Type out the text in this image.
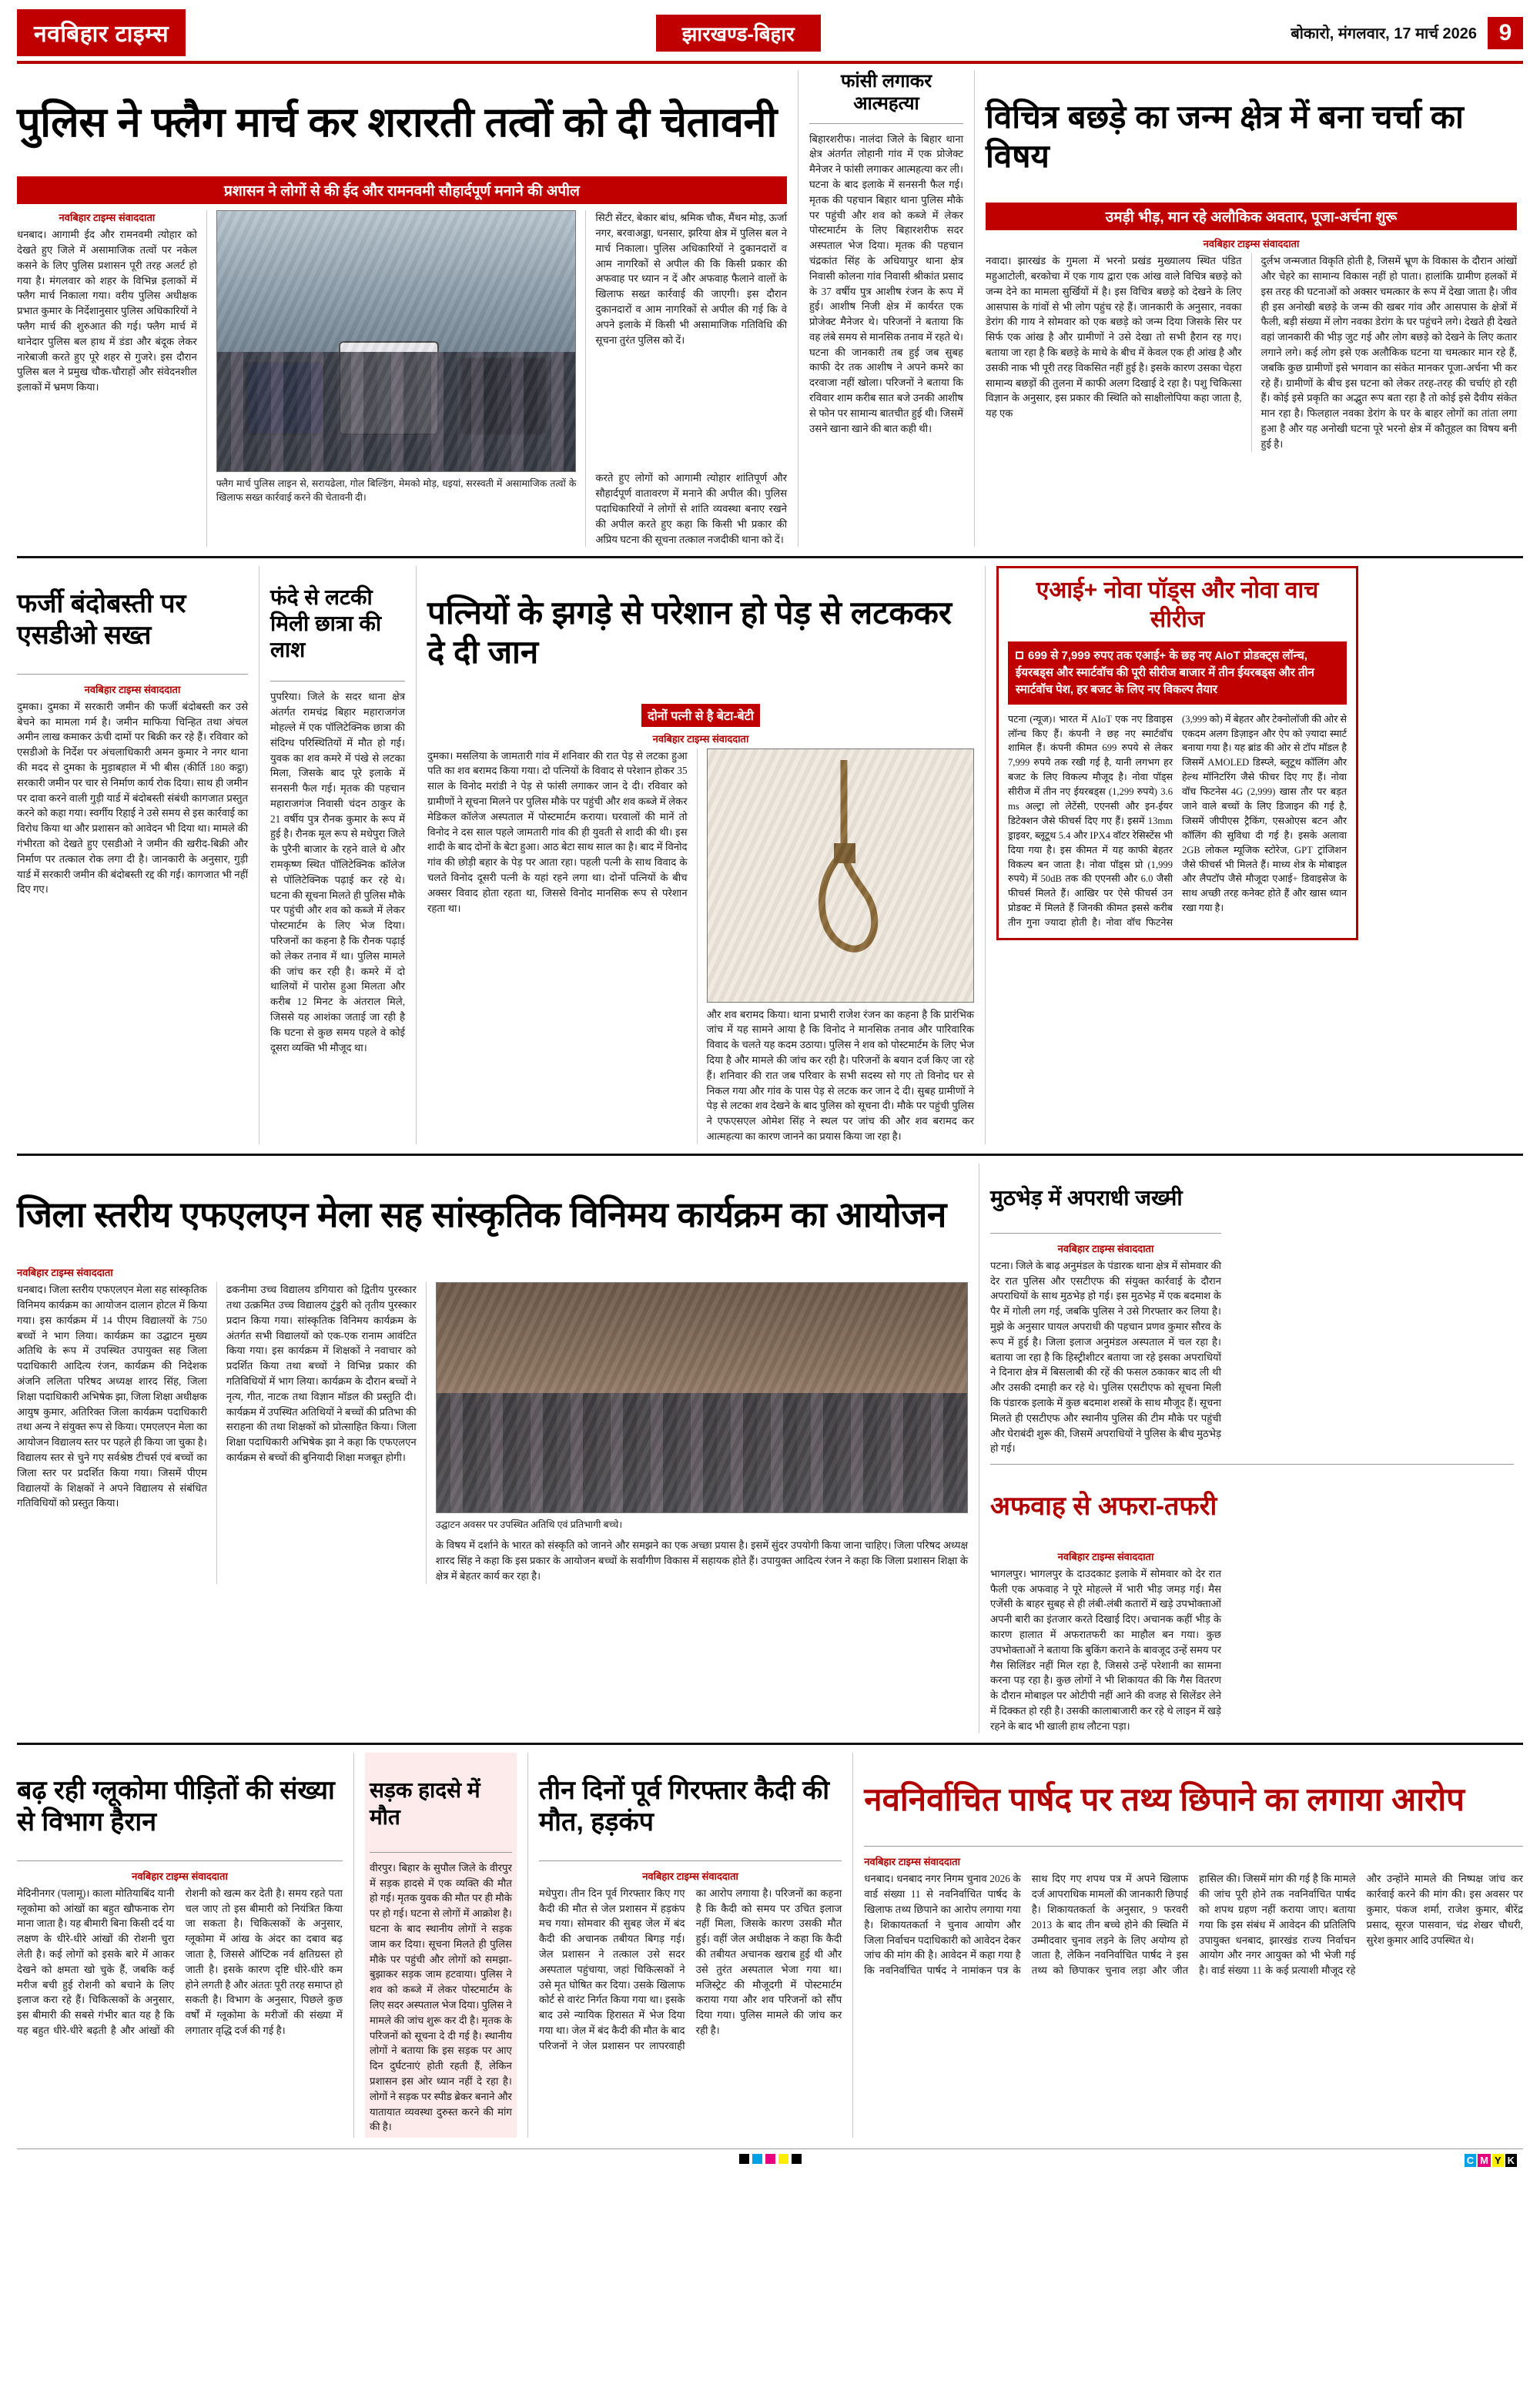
नवबिहार टाइम्स	झारखण्ड-बिहार	बोकारो, मंगलवार, 17 मार्च 2026 9
पुलिस ने फ्लैग मार्च कर शरारती तत्वों को दी चेतावनी
प्रशासन ने लोगों से की ईद और रामनवमी सौहार्दपूर्ण मनाने की अपील
नवबिहार टाइम्स संवाददाता
धनबाद। आगामी ईद और रामनवमी त्योहार को देखते हुए जिले में असामाजिक तत्वों पर नकेल कसने के लिए पुलिस प्रशासन पूरी तरह अलर्ट हो गया है। मंगलवार को शहर के विभिन्न इलाकों में फ्लैग मार्च निकाला गया। वरीय पुलिस अधीक्षक प्रभात कुमार के निर्देशानुसार पुलिस अधिकारियों ने फ्लैग मार्च की शुरुआत की गई। फ्लैग मार्च में थानेदार पुलिस बल हाथ में डंडा और बंदूक लेकर नारेबाजी करते हुए पूरे शहर से गुजरे। इस दौरान पुलिस बल ने प्रमुख चौक-चौराहों और संवेदनशील इलाकों में भ्रमण किया।
फ्लैग मार्च पुलिस लाइन से, सरायढेला, गोल बिल्डिंग, मेमको मोड़, धइयां, सरस्वती में असामाजिक तत्वों के खिलाफ सख्त कार्रवाई करने की चेतावनी दी।
सिटी सेंटर, बेकार बांध, श्रमिक चौक, मैंथन मोड़, ऊर्जा नगर, बरवाअड्डा, धनसार, झरिया क्षेत्र में पुलिस बल ने मार्च निकाला। पुलिस अधिकारियों ने दुकानदारों व आम नागरिकों से अपील की कि किसी प्रकार की अफवाह पर ध्यान न दें और अफवाह फैलाने वालों के खिलाफ सख्त कार्रवाई की जाएगी। इस दौरान दुकानदारों व आम नागरिकों से अपील की गई कि वे अपने इलाके में किसी भी असामाजिक गतिविधि की सूचना तुरंत पुलिस को दें।
करते हुए लोगों को आगामी त्योहार शांतिपूर्ण और सौहार्दपूर्ण वातावरण में मनाने की अपील की। पुलिस पदाधिकारियों ने लोगों से शांति व्यवस्था बनाए रखने की अपील करते हुए कहा कि किसी भी प्रकार की अप्रिय घटना की सूचना तत्काल नजदीकी थाना को दें।
फांसी लगाकर आत्महत्या
बिहारशरीफ। नालंदा जिले के बिहार थाना क्षेत्र अंतर्गत लोहानी गांव में एक प्रोजेक्ट मैनेजर ने फांसी लगाकर आत्महत्या कर ली। घटना के बाद इलाके में सनसनी फैल गई। मृतक की पहचान बिहार थाना पुलिस मौके पर पहुंची और शव को कब्जे में लेकर पोस्टमार्टम के लिए बिहारशरीफ सदर अस्पताल भेज दिया। मृतक की पहचान चंद्रकांत सिंह के अधियापुर थाना क्षेत्र निवासी कोलना गांव निवासी श्रीकांत प्रसाद के 37 वर्षीय पुत्र आशीष रंजन के रूप में हुई। आशीष निजी क्षेत्र में कार्यरत एक प्रोजेक्ट मैनेजर थे। परिजनों ने बताया कि वह लंबे समय से मानसिक तनाव में रहते थे। घटना की जानकारी तब हुई जब सुबह काफी देर तक आशीष ने अपने कमरे का दरवाजा नहीं खोला। परिजनों ने बताया कि रविवार शाम करीब सात बजे उनकी आशीष से फोन पर सामान्य बातचीत हुई थी। जिसमें उसने खाना खाने की बात कही थी।
विचित्र बछड़े का जन्म क्षेत्र में बना चर्चा का विषय
उमड़ी भीड़, मान रहे अलौकिक अवतार, पूजा-अर्चना शुरू
नवबिहार टाइम्स संवाददाता
नवादा। झारखंड के गुमला में भरनो प्रखंड मुख्यालय स्थित पंडित महुआटोली, बरकोचा में एक गाय द्वारा एक आंख वाले विचित्र बछड़े को जन्म देने का मामला सुर्खियों में है। इस विचित्र बछड़े को देखने के लिए आसपास के गांवों से भी लोग पहुंच रहे हैं। जानकारी के अनुसार, नवका डेरांग की गाय ने सोमवार को एक बछड़े को जन्म दिया जिसके सिर पर सिर्फ एक आंख है और ग्रामीणों ने उसे देखा तो सभी हैरान रह गए। बताया जा रहा है कि बछड़े के माथे के बीच में केवल एक ही आंख है और उसकी नाक भी पूरी तरह विकसित नहीं हुई है। इसके कारण उसका चेहरा सामान्य बछड़ों की तुलना में काफी अलग दिखाई दे रहा है। पशु चिकित्सा विज्ञान के अनुसार, इस प्रकार की स्थिति को साक्षीलोपिया कहा जाता है, यह एक
दुर्लभ जन्मजात विकृति होती है, जिसमें भ्रूण के विकास के दौरान आंखों और चेहरे का सामान्य विकास नहीं हो पाता। हालांकि ग्रामीण हलकों में इस तरह की घटनाओं को अक्सर चमत्कार के रूप में देखा जाता है। जीव ही इस अनोखी बछड़े के जन्म की खबर गांव और आसपास के क्षेत्रों में फैली, बड़ी संख्या में लोग नवका डेरांग के घर पहुंचने लगे। देखते ही देखते वहां जानकारी की भीड़ जुट गई और लोग बछड़े को देखने के लिए कतार लगाने लगे। कई लोग इसे एक अलौकिक घटना या चमत्कार मान रहे हैं, जबकि कुछ ग्रामीणों इसे भगवान का संकेत मानकर पूजा-अर्चना भी कर रहे हैं। ग्रामीणों के बीच इस घटना को लेकर तरह-तरह की चर्चाएं हो रही हैं। कोई इसे प्रकृति का अद्भुत रूप बता रहा है तो कोई इसे दैवीय संकेत मान रहा है। फिलहाल नवका डेरांग के घर के बाहर लोगों का तांता लगा हुआ है और यह अनोखी घटना पूरे भरनो क्षेत्र में कौतूहल का विषय बनी हुई है।
फर्जी बंदोबस्ती पर एसडीओ सख्त
नवबिहार टाइम्स संवाददाता
दुमका। दुमका में सरकारी जमीन की फर्जी बंदोबस्ती कर उसे बेचने का मामला गर्म है। जमीन माफिया चिन्हित तथा अंचल अमीन लाख कमाकर ऊंची दामों पर बिक्री कर रहे हैं। रविवार को एसडीओ के निर्देश पर अंचलाधिकारी अमन कुमार ने नगर थाना की मदद से दुमका के मुड़ाबहाल में भी बीस (कीर्ति 180 कट्ठा) सरकारी जमीन पर चार से निर्माण कार्य रोक दिया। साथ ही जमीन पर दावा करने वाली गुड़ी यार्ड में बंदोबस्ती संबंधी कागजात प्रस्तुत करने को कहा गया। स्वर्गीय रिहाई ने उसे समय से इस कार्रवाई का विरोध किया था और प्रशासन को आवेदन भी दिया था। मामले की गंभीरता को देखते हुए एसडीओ ने जमीन की खरीद-बिक्री और निर्माण पर तत्काल रोक लगा दी है। जानकारी के अनुसार, गुड़ी यार्ड में सरकारी जमीन की बंदोबस्ती रद्द की गई। कागजात भी नहीं दिए गए।
फंदे से लटकी मिली छात्रा की लाश
पुपरिया। जिले के सदर थाना क्षेत्र अंतर्गत रामचंद्र बिहार महाराजगंज मोहल्ले में एक पॉलिटेक्निक छात्रा की संदिग्ध परिस्थितियों में मौत हो गई। युवक का शव कमरे में पंखे से लटका मिला, जिसके बाद पूरे इलाके में सनसनी फैल गई। मृतक की पहचान महाराजगंज निवासी चंदन ठाकुर के 21 वर्षीय पुत्र रौनक कुमार के रूप में हुई है। रौनक मूल रूप से मधेपुरा जिले के पुरैनी बाजार के रहने वाले थे और रामकृष्ण स्थित पॉलिटेक्निक कॉलेज से पॉलिटेक्निक पढ़ाई कर रहे थे। घटना की सूचना मिलते ही पुलिस मौके पर पहुंची और शव को कब्जे में लेकर पोस्टमार्टम के लिए भेज दिया। परिजनों का कहना है कि रौनक पढ़ाई को लेकर तनाव में था। पुलिस मामले की जांच कर रही है। कमरे में दो थालियों में पारोस हुआ मिलता और करीब 12 मिनट के अंतराल मिले, जिससे यह आशंका जताई जा रही है कि घटना से कुछ समय पहले वे कोई दूसरा व्यक्ति भी मौजूद था।
पत्नियों के झगड़े से परेशान हो पेड़ से लटककर दे दी जान
दोनों पत्नी से है बेटा-बेटी
नवबिहार टाइम्स संवाददाता
दुमका। मसलिया के जामतारी गांव में शनिवार की रात पेड़ से लटका हुआ पति का शव बरामद किया गया। दो पत्नियों के विवाद से परेशान होकर 35 साल के विनोद मरांडी ने पेड़ से फांसी लगाकर जान दे दी। रविवार को ग्रामीणों ने सूचना मिलने पर पुलिस मौके पर पहुंची और शव कब्जे में लेकर मेडिकल कॉलेज अस्पताल में पोस्टमार्टम कराया। घरवालों की मानें तो विनोद ने दस साल पहले जामतारी गांव की ही युवती से शादी की थी। इस शादी के बाद दोनों के बेटा हुआ। आठ बेटा साथ साल का है। बाद में विनोद गांव की छोड़ी बहार के पेड़ पर आता रहा। पहली पत्नी के साथ विवाद के चलते विनोद दूसरी पत्नी के यहां रहने लगा था। दोनों पत्नियों के बीच अक्सर विवाद होता रहता था, जिससे विनोद मानसिक रूप से परेशान रहता था।
और शव बरामद किया। थाना प्रभारी राजेश रंजन का कहना है कि प्रारंभिक जांच में यह सामने आया है कि विनोद ने मानसिक तनाव और पारिवारिक विवाद के चलते यह कदम उठाया। पुलिस ने शव को पोस्टमार्टम के लिए भेज दिया है और मामले की जांच कर रही है। परिजनों के बयान दर्ज किए जा रहे हैं। शनिवार की रात जब परिवार के सभी सदस्य सो गए तो विनोद घर से निकल गया और गांव के पास पेड़ से लटक कर जान दे दी। सुबह ग्रामीणों ने पेड़ से लटका शव देखने के बाद पुलिस को सूचना दी। मौके पर पहुंची पुलिस ने एफएसएल ओमेश सिंह ने स्थल पर जांच की और शव बरामद कर आत्महत्या का कारण जानने का प्रयास किया जा रहा है।
एआई+ नोवा पॉड्स और नोवा वाच सीरीज
699 से 7,999 रुपए तक एआई+ के छह नए AIoT प्रोडक्ट्स लॉन्च, ईयरबड्स और स्मार्टवॉच की पूरी सीरीज बाजार में तीन ईयरबड्स और तीन स्मार्टवॉच पेश, हर बजट के लिए नए विकल्प तैयार
पटना (न्यूज)। भारत में AIoT एक नए डिवाइस लॉन्च किए हैं। कंपनी ने छह नए स्मार्टवॉच शामिल हैं। कंपनी कीमत 699 रुपये से लेकर 7,999 रुपये तक रखी गई है, यानी लगभग हर बजट के लिए विकल्प मौजूद है। नोवा पॉड्स सीरीज में तीन नए ईयरबड्स (1,299 रुपये) 3.6 ms अल्ट्रा लो लेटेंसी, एएनसी और इन-ईयर डिटेक्शन जैसे फीचर्स दिए गए हैं। इसमें 13mm ड्राइवर, ब्लूटूथ 5.4 और IPX4 वॉटर रेसिस्टेंस भी दिया गया है। इस कीमत में यह काफी बेहतर विकल्प बन जाता है। नोवा पॉड्स प्रो (1,999 रुपये) में 50dB तक की एएनसी और 6.0 जैसी फीचर्स मिलते हैं। आखिर पर ऐसे फीचर्स उन प्रोडक्ट में मिलते हैं जिनकी कीमत इससे करीब तीन गुना ज्यादा होती है। नोवा वॉच फिटनेस (3,999 को) में बेहतर और टेक्नोलॉजी की ओर से एकदम अलग डिज़ाइन और ऐप को ज़्यादा स्मार्ट बनाया गया है। यह ब्रांड की ओर से टॉप मॉडल है जिसमें AMOLED डिस्प्ले, ब्लूटूथ कॉलिंग और हेल्थ मॉनिटरिंग जैसे फीचर दिए गए हैं। नोवा वॉच फिटनेस 4G (2,999) खास तौर पर बड़त जाने वाले बच्चों के लिए डिजाइन की गई है, जिसमें जीपीएस ट्रैकिंग, एसओएस बटन और कॉलिंग की सुविधा दी गई है। इसके अलावा 2GB लोकल म्यूजिक स्टोरेज, GPT ट्रांजिशन जैसे फीचर्स भी मिलते हैं। माध्य शेत्र के मोबाइल और लैपटॉप जैसे मौजूदा एआई+ डिवाइसेज के साथ अच्छी तरह कनेक्ट होते हैं और खास ध्यान रखा गया है।
जिला स्तरीय एफएलएन मेला सह सांस्कृतिक विनिमय कार्यक्रम का आयोजन
नवबिहार टाइम्स संवाददाता
धनबाद। जिला स्तरीय एफएलएन मेला सह सांस्कृतिक विनिमय कार्यक्रम का आयोजन दालान होटल में किया गया। इस कार्यक्रम में 14 पीएम विद्यालयों के 750 बच्चों ने भाग लिया। कार्यक्रम का उद्घाटन मुख्य अतिथि के रूप में उपस्थित उपायुक्त सह जिला पदाधिकारी आदित्य रंजन, कार्यक्रम की निदेशक अंजनि ललिता परिषद अध्यक्ष शारद सिंह, जिला शिक्षा पदाधिकारी अभिषेक झा, जिला शिक्षा अधीक्षक आयुष कुमार, अतिरिक्त जिला कार्यक्रम पदाधिकारी तथा अन्य ने संयुक्त रूप से किया। एमएलएन मेला का आयोजन विद्यालय स्तर पर पहले ही किया जा चुका है। विद्यालय स्तर से चुने गए सर्वश्रेष्ठ टीचर्स एवं बच्चों का जिला स्तर पर प्रदर्शित किया गया। जिसमें पीएम विद्यालयों के शिक्षकों ने अपने विद्यालय से संबंधित गतिविधियों को प्रस्तुत किया।
ढकनीमा उच्च विद्यालय डगियारा को द्वितीय पुरस्कार तथा उत्क्रमित उच्च विद्यालय टुंडुरी को तृतीय पुरस्कार प्रदान किया गया। सांस्कृतिक विनिमय कार्यक्रम के अंतर्गत सभी विद्यालयों को एक-एक रानाम आवंटित किया गया। इस कार्यक्रम में शिक्षकों ने नवाचार को प्रदर्शित किया तथा बच्चों ने विभिन्न प्रकार की गतिविधियों में भाग लिया। कार्यक्रम के दौरान बच्चों ने नृत्य, गीत, नाटक तथा विज्ञान मॉडल की प्रस्तुति दी। कार्यक्रम में उपस्थित अतिथियों ने बच्चों की प्रतिभा की सराहना की तथा शिक्षकों को प्रोत्साहित किया। जिला शिक्षा पदाधिकारी अभिषेक झा ने कहा कि एफएलएन कार्यक्रम से बच्चों की बुनियादी शिक्षा मजबूत होगी।
उद्घाटन अवसर पर उपस्थित अतिथि एवं प्रतिभागी बच्चे।
के विषय में दर्शाने के भारत को संस्कृति को जानने और समझने का एक अच्छा प्रयास है। इसमें सुंदर उपयोगी किया जाना चाहिए। जिला परिषद अध्यक्ष शारद सिंह ने कहा कि इस प्रकार के आयोजन बच्चों के सर्वांगीण विकास में सहायक होते हैं। उपायुक्त आदित्य रंजन ने कहा कि जिला प्रशासन शिक्षा के क्षेत्र में बेहतर कार्य कर रहा है।
मुठभेड़ में अपराधी जख्मी
नवबिहार टाइम्स संवाददाता
पटना। जिले के बाढ़ अनुमंडल के पंडारक थाना क्षेत्र में सोमवार की देर रात पुलिस और एसटीएफ की संयुक्त कार्रवाई के दौरान अपराधियों के साथ मुठभेड़ हो गई। इस मुठभेड़ में एक बदमाश के पैर में गोली लग गई, जबकि पुलिस ने उसे गिरफ्तार कर लिया है। मुझे के अनुसार घायल अपराधी की पहचान प्रणव कुमार सौरव के रूप में हुई है। जिला इलाज अनुमंडल अस्पताल में चल रहा है। बताया जा रहा है कि हिस्ट्रीशीटर बताया जा रहे इसका अपराधियों ने दिनारा क्षेत्र में बिसलाबी की रहें की फसल ठकाकर बाद ली थी और उसकी दमाही कर रहे थे। पुलिस एसटीएफ को सूचना मिली कि पंडारक इलाके में कुछ बदमाश शस्त्रों के साथ मौजूद हैं। सूचना मिलते ही एसटीएफ और स्थानीय पुलिस की टीम मौके पर पहुंची और घेराबंदी शुरू की, जिसमें अपराधियों ने पुलिस के बीच मुठभेड़ हो गई।
अफवाह से अफरा-तफरी
नवबिहार टाइम्स संवाददाता
भागलपुर। भागलपुर के दाउदकाट इलाके में सोमवार को देर रात फैली एक अफवाह ने पूरे मोहल्ले में भारी भीड़ जमड़ गई। मैस एजेंसी के बाहर सुबह से ही लंबी-लंबी कतारों में खड़े उपभोक्ताओं अपनी बारी का इंतजार करते दिखाई दिए। अचानक कहीं भीड़ के कारण हालात में अफरातफरी का माहौल बन गया। कुछ उपभोक्ताओं ने बताया कि बुकिंग कराने के बावजूद उन्हें समय पर गैस सिलिंडर नहीं मिल रहा है, जिससे उन्हें परेशानी का सामना करना पड़ रहा है। कुछ लोगों ने भी शिकायत की कि गैस वितरण के दौरान मोबाइल पर ओटीपी नहीं आने की वजह से सिलेंडर लेने में दिक्कत हो रही है। उसकी कालाबाजारी कर रहे थे लाइन में खड़े रहने के बाद भी खाली हाथ लौटना पड़ा।
बढ़ रही ग्लूकोमा पीड़ितों की संख्या से विभाग हैरान
नवबिहार टाइम्स संवाददाता
मेदिनीनगर (पलामू)। काला मोतियाबिंद यानी ग्लूकोमा को आंखों का बहुत खौफनाक रोग माना जाता है। यह बीमारी बिना किसी दर्द या लक्षण के धीरे-धीरे आंखों की रोशनी चुरा लेती है। कई लोगों को इसके बारे में आकर देखने को क्षमता खो चुके हैं, जबकि कई मरीज बची हुई रोशनी को बचाने के लिए इलाज करा रहे हैं। चिकित्सकों के अनुसार, इस बीमारी की सबसे गंभीर बात यह है कि यह बहुत धीरे-धीरे बढ़ती है और आंखों की रोशनी को खत्म कर देती है। समय रहते पता चल जाए तो इस बीमारी को नियंत्रित किया जा सकता है। चिकित्सकों के अनुसार, ग्लूकोमा में आंख के अंदर का दबाव बढ़ जाता है, जिससे ऑप्टिक नर्व क्षतिग्रस्त हो जाती है। इसके कारण दृष्टि धीरे-धीरे कम होने लगती है और अंततः पूरी तरह समाप्त हो सकती है। विभाग के अनुसार, पिछले कुछ वर्षों में ग्लूकोमा के मरीजों की संख्या में लगातार वृद्धि दर्ज की गई है।
सड़क हादसे में मौत
वीरपुर। बिहार के सुपौल जिले के वीरपुर में सड़क हादसे में एक व्यक्ति की मौत हो गई। मृतक युवक की मौत पर ही मौके पर हो गई। घटना से लोगों में आक्रोश है। घटना के बाद स्थानीय लोगों ने सड़क जाम कर दिया। सूचना मिलते ही पुलिस मौके पर पहुंची और लोगों को समझा-बुझाकर सड़क जाम हटवाया। पुलिस ने शव को कब्जे में लेकर पोस्टमार्टम के लिए सदर अस्पताल भेज दिया। पुलिस ने मामले की जांच शुरू कर दी है। मृतक के परिजनों को सूचना दे दी गई है। स्थानीय लोगों ने बताया कि इस सड़क पर आए दिन दुर्घटनाएं होती रहती हैं, लेकिन प्रशासन इस ओर ध्यान नहीं दे रहा है। लोगों ने सड़क पर स्पीड ब्रेकर बनाने और यातायात व्यवस्था दुरुस्त करने की मांग की है।
तीन दिनों पूर्व गिरफ्तार कैदी की मौत, हड़कंप
नवबिहार टाइम्स संवाददाता
मधेपुरा। तीन दिन पूर्व गिरफ्तार किए गए कैदी की मौत से जेल प्रशासन में हड़कंप मच गया। सोमवार की सुबह जेल में बंद कैदी की अचानक तबीयत बिगड़ गई। जेल प्रशासन ने तत्काल उसे सदर अस्पताल पहुंचाया, जहां चिकित्सकों ने उसे मृत घोषित कर दिया। उसके खिलाफ कोर्ट से वारंट निर्गत किया गया था। इसके बाद उसे न्यायिक हिरासत में भेज दिया गया था। जेल में बंद कैदी की मौत के बाद परिजनों ने जेल प्रशासन पर लापरवाही का आरोप लगाया है। परिजनों का कहना है कि कैदी को समय पर उचित इलाज नहीं मिला, जिसके कारण उसकी मौत हुई। वहीं जेल अधीक्षक ने कहा कि कैदी की तबीयत अचानक खराब हुई थी और उसे तुरंत अस्पताल भेजा गया था। मजिस्ट्रेट की मौजूदगी में पोस्टमार्टम कराया गया और शव परिजनों को सौंप दिया गया। पुलिस मामले की जांच कर रही है।
नवनिर्वाचित पार्षद पर तथ्य छिपाने का लगाया आरोप
नवबिहार टाइम्स संवाददाता
धनबाद। धनबाद नगर निगम चुनाव 2026 के वार्ड संख्या 11 से नवनिर्वाचित पार्षद के खिलाफ तथ्य छिपाने का आरोप लगाया गया है। शिकायतकर्ता ने चुनाव आयोग और जिला निर्वाचन पदाधिकारी को आवेदन देकर जांच की मांग की है। आवेदन में कहा गया है कि नवनिर्वाचित पार्षद ने नामांकन पत्र के साथ दिए गए शपथ पत्र में अपने खिलाफ दर्ज आपराधिक मामलों की जानकारी छिपाई है। शिकायतकर्ता के अनुसार, 9 फरवरी 2013 के बाद तीन बच्चे होने की स्थिति में उम्मीदवार चुनाव लड़ने के लिए अयोग्य हो जाता है, लेकिन नवनिर्वाचित पार्षद ने इस तथ्य को छिपाकर चुनाव लड़ा और जीत हासिल की। जिसमें मांग की गई है कि मामले की जांच पूरी होने तक नवनिर्वाचित पार्षद को शपथ ग्रहण नहीं कराया जाए। बताया गया कि इस संबंध में आवेदन की प्रतिलिपि उपायुक्त धनबाद, झारखंड राज्य निर्वाचन आयोग और नगर आयुक्त को भी भेजी गई है। वार्ड संख्या 11 के कई प्रत्याशी मौजूद रहे और उन्होंने मामले की निष्पक्ष जांच कर कार्रवाई करने की मांग की। इस अवसर पर कुमार, पंकज शर्मा, राजेश कुमार, बीरेंद्र प्रसाद, सूरज पासवान, चंद्र शेखर चौधरी, सुरेश कुमार आदि उपस्थित थे।
C M Y K
